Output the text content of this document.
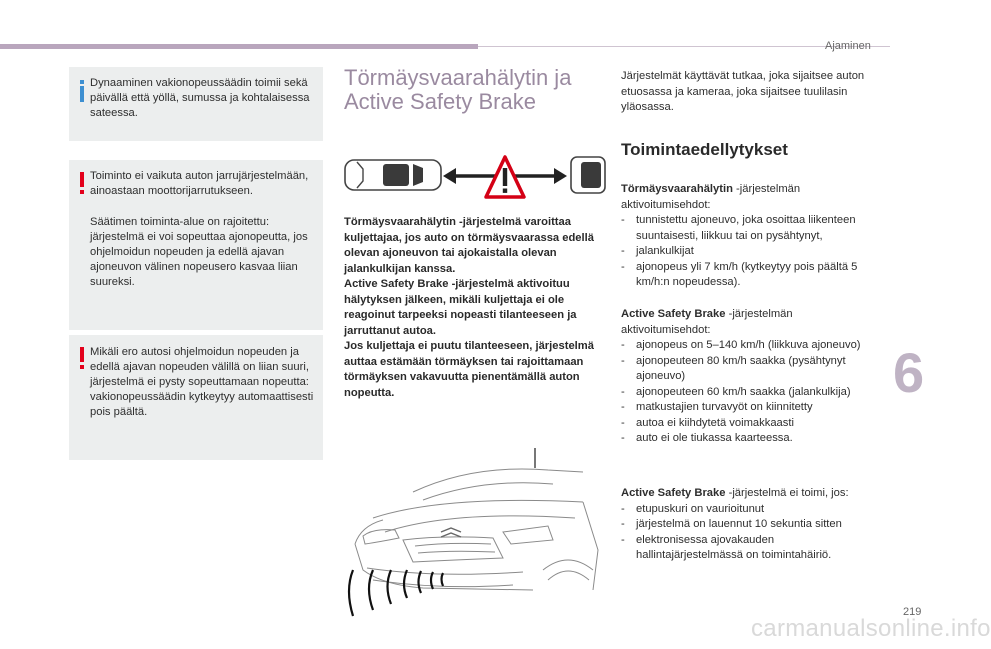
Ajaminen

Dynaaminen vakionopeussäädin toimii sekä päivällä että yöllä, sumussa ja kohtalaisessa sateessa.

Toiminto ei vaikuta auton jarrujärjestelmään, ainoastaan moottorijarrutukseen.

Säätimen toiminta-alue on rajoitettu: järjestelmä ei voi sopeuttaa ajonopeutta, jos ohjelmoidun nopeuden ja edellä ajavan ajoneuvon välinen nopeusero kasvaa liian suureksi.

Mikäli ero autosi ohjelmoidun nopeuden ja edellä ajavan nopeuden välillä on liian suuri, järjestelmä ei pysty sopeuttamaan nopeutta: vakionopeussäädin kytkeytyy automaattisesti pois päältä.

Törmäysvaarahälytin ja
Active Safety Brake

Törmäysvaarahälytin -järjestelmä varoittaa kuljettajaa, jos auto on törmäysvaarassa edellä olevan ajoneuvon tai ajokaistalla olevan jalankulkijan kanssa.

Active Safety Brake -järjestelmä aktivoituu hälytyksen jälkeen, mikäli kuljettaja ei ole reagoinut tarpeeksi nopeasti tilanteeseen ja jarruttanut autoa.

Jos kuljettaja ei puutu tilanteeseen, järjestelmä auttaa estämään törmäyksen tai rajoittamaan törmäyksen vakavuutta pienentämällä auton nopeutta.

Järjestelmät käyttävät tutkaa, joka sijaitsee auton etuosassa ja kameraa, joka sijaitsee tuulilasin yläosassa.
Toimintaedellytykset

Törmäysvaarahälytin -järjestelmän aktivoitumisehdot:

- tunnistettu ajoneuvo, joka osoittaa liikenteen suuntaisesti, liikkuu tai on pysähtynyt,
- jalankulkijat
- ajonopeus yli 7 km/h (kytkeytyy pois päältä 5 km/h:n nopeudessa).

Active Safety Brake -järjestelmän aktivoitumisehdot:

- ajonopeus on 5–140 km/h (liikkuva ajoneuvo)
- ajonopeuteen 80 km/h saakka (pysähtynyt ajoneuvo)
- ajonopeuteen 60 km/h saakka (jalankulkija)
- matkustajien turvavyöt on kiinnitetty
- autoa ei kiihdytetä voimakkaasti
- auto ei ole tiukassa kaarteessa.

Active Safety Brake -järjestelmä ei toimi, jos:

- etupuskuri on vaurioitunut
- järjestelmä on lauennut 10 sekuntia sitten
- elektronisessa ajovakauden hallintajärjestelmässä on toimintahäiriö.
6
219
carmanualsonline.info
